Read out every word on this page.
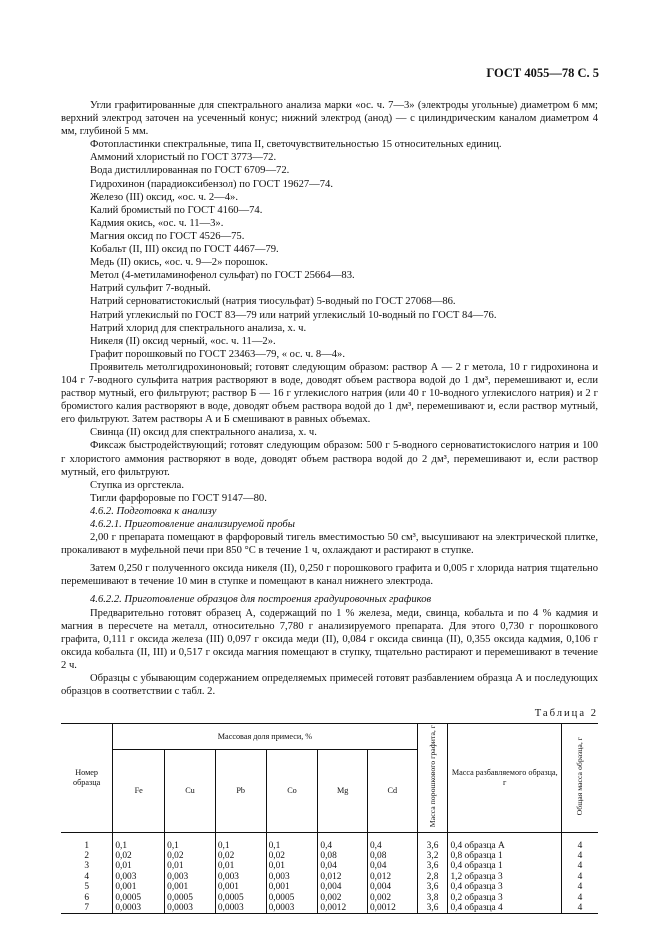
ГОСТ 4055—78 С. 5

Угли графитированные для спектрального анализа марки «ос. ч. 7—3» (электроды угольные) диаметром 6 мм; верхний электрод заточен на усеченный конус; нижний электрод (анод) — с цилиндрическим каналом диаметром 4 мм, глубиной 5 мм.

Фотопластинки спектральные, типа II, светочувствительностью 15 относительных единиц.

Аммоний хлористый по ГОСТ 3773—72.

Вода дистиллированная по ГОСТ 6709—72.

Гидрохинон (парадиоксибензол) по ГОСТ 19627—74.

Железо (III) оксид, «ос. ч. 2—4».

Калий бромистый по ГОСТ 4160—74.

Кадмия окись, «ос. ч. 11—3».

Магния оксид по ГОСТ 4526—75.

Кобальт (II, III) оксид по ГОСТ 4467—79.

Медь (II) окись, «ос. ч. 9—2» порошок.

Метол (4-метиламинофенол сульфат) по ГОСТ 25664—83.

Натрий сульфит 7-водный.

Натрий серноватистокислый (натрия тиосульфат) 5-водный по ГОСТ 27068—86.

Натрий углекислый по ГОСТ 83—79 или натрий углекислый 10-водный по ГОСТ 84—76.

Натрий хлорид для спектрального анализа, х. ч.

Никеля (II) оксид черный, «ос. ч. 11—2».

Графит порошковый по ГОСТ 23463—79, « ос. ч. 8—4».

Проявитель метолгидрохиноновый; готовят следующим образом: раствор А — 2 г метола, 10 г гидрохинона и 104 г 7-водного сульфита натрия растворяют в воде, доводят объем раствора водой до 1 дм³, перемешивают и, если раствор мутный, его фильтруют; раствор Б — 16 г углекислого натрия (или 40 г 10-водного углекислого натрия) и 2 г бромистого калия растворяют в воде, доводят объем раствора водой до 1 дм³, перемешивают и, если раствор мутный, его фильтруют. Затем растворы А и Б смешивают в равных объемах.

Свинца (II) оксид для спектрального анализа, х. ч.

Фиксаж быстродействующий; готовят следующим образом: 500 г 5-водного серноватистокислого натрия и 100 г хлористого аммония растворяют в воде, доводят объем раствора водой до 2 дм³, перемешивают и, если раствор мутный, его фильтруют.

Ступка из оргстекла.

Тигли фарфоровые по ГОСТ 9147—80.

4.6.2. Подготовка к анализу

4.6.2.1. Приготовление анализируемой пробы

2,00 г препарата помещают в фарфоровый тигель вместимостью 50 см³, высушивают на электрической плитке, прокаливают в муфельной печи при 850 °С в течение 1 ч, охлаждают и растирают в ступке.

Затем 0,250 г полученного оксида никеля (II), 0,250 г порошкового графита и 0,005 г хлорида натрия тщательно перемешивают в течение 10 мин в ступке и помещают в канал нижнего электрода.

4.6.2.2. Приготовление образцов для построения градуировочных графиков

Предварительно готовят образец А, содержащий по 1 % железа, меди, свинца, кобальта и по 4 % кадмия и магния в пересчете на металл, относительно 7,780 г анализируемого препарата. Для этого 0,730 г порошкового графита, 0,111 г оксида железа (III) 0,097 г оксида меди (II), 0,084 г оксида свинца (II), 0,355 оксида кадмия, 0,106 г оксида кобальта (II, III) и 0,517 г оксида магния помещают в ступку, тщательно растирают и перемешивают в течение 2 ч.

Образцы с убывающим содержанием определяемых примесей готовят разбавлением образца А и последующих образцов в соответствии с табл. 2.

Таблица 2
Номер образца	Массовая доля примеси, %						Масса порошкового графита, г	Масса разбавляемого образца, г	Общая масса образца, г
	Fe	Cu	Pb	Co	Mg	Cd			
1	0,1	0,1	0,1	0,1	0,4	0,4	3,6	0,4 образца А	4
2	0,02	0,02	0,02	0,02	0,08	0,08	3,2	0,8 образца 1	4
3	0,01	0,01	0,01	0,01	0,04	0,04	3,6	0,4 образца 1	4
4	0,003	0,003	0,003	0,003	0,012	0,012	2,8	1,2 образца 3	4
5	0,001	0,001	0,001	0,001	0,004	0,004	3,6	0,4 образца 3	4
6	0,0005	0,0005	0,0005	0,0005	0,002	0,002	3,8	0,2 образца 3	4
7	0,0003	0,0003	0,0003	0,0003	0,0012	0,0012	3,6	0,4 образца 4	4
